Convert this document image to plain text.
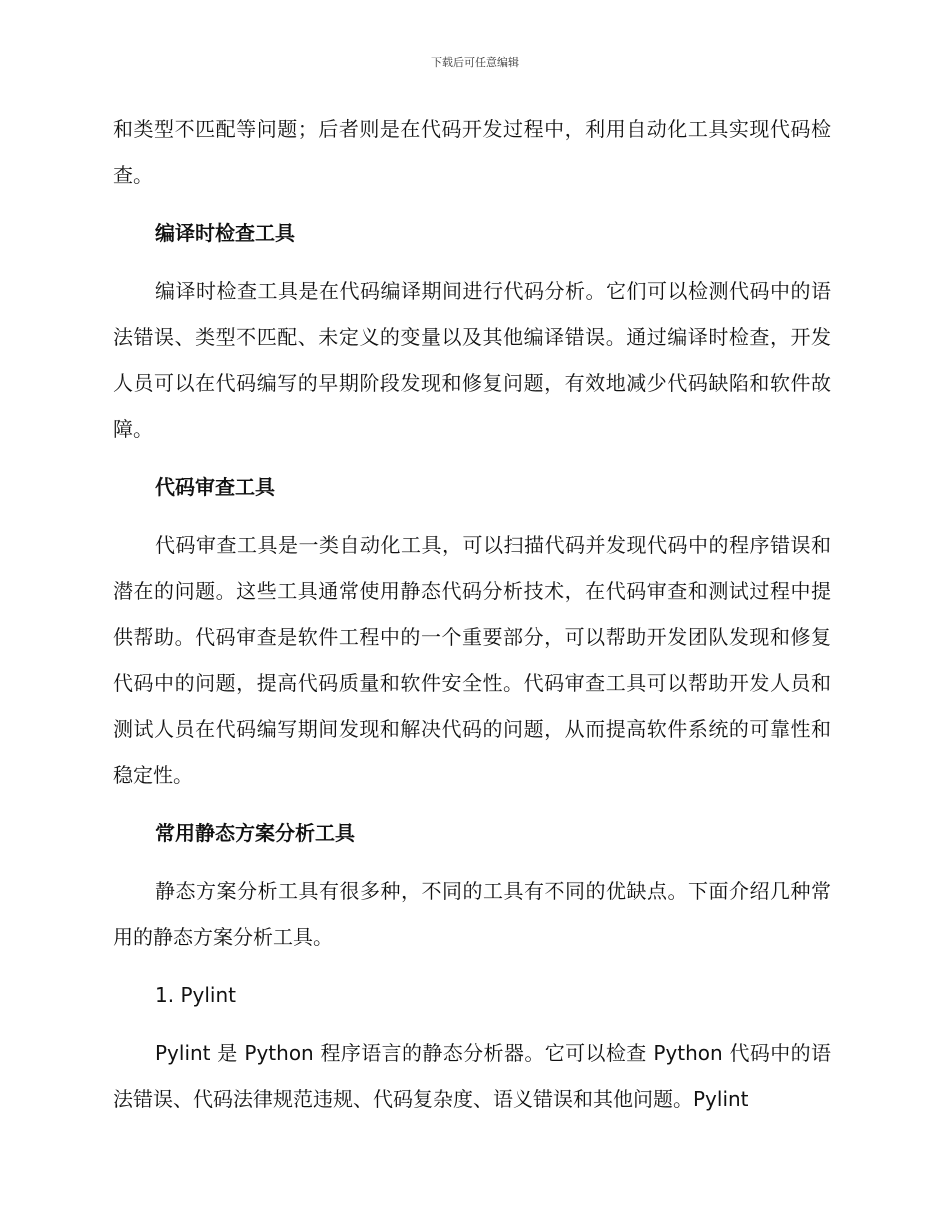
下载后可任意编辑

和类型不匹配等问题；后者则是在代码开发过程中，利用自动化工具实现代码检查。

编译时检查工具

编译时检查工具是在代码编译期间进行代码分析。它们可以检测代码中的语法错误、类型不匹配、未定义的变量以及其他编译错误。通过编译时检查，开发人员可以在代码编写的早期阶段发现和修复问题，有效地减少代码缺陷和软件故障。

代码审查工具

代码审查工具是一类自动化工具，可以扫描代码并发现代码中的程序错误和潜在的问题。这些工具通常使用静态代码分析技术，在代码审查和测试过程中提供帮助。代码审查是软件工程中的一个重要部分，可以帮助开发团队发现和修复代码中的问题，提高代码质量和软件安全性。代码审查工具可以帮助开发人员和测试人员在代码编写期间发现和解决代码的问题，从而提高软件系统的可靠性和稳定性。

常用静态方案分析工具

静态方案分析工具有很多种，不同的工具有不同的优缺点。下面介绍几种常用的静态方案分析工具。

1. Pylint

Pylint 是 Python 程序语言的静态分析器。它可以检查 Python 代码中的语法错误、代码法律规范违规、代码复杂度、语义错误和其他问题。Pylint
